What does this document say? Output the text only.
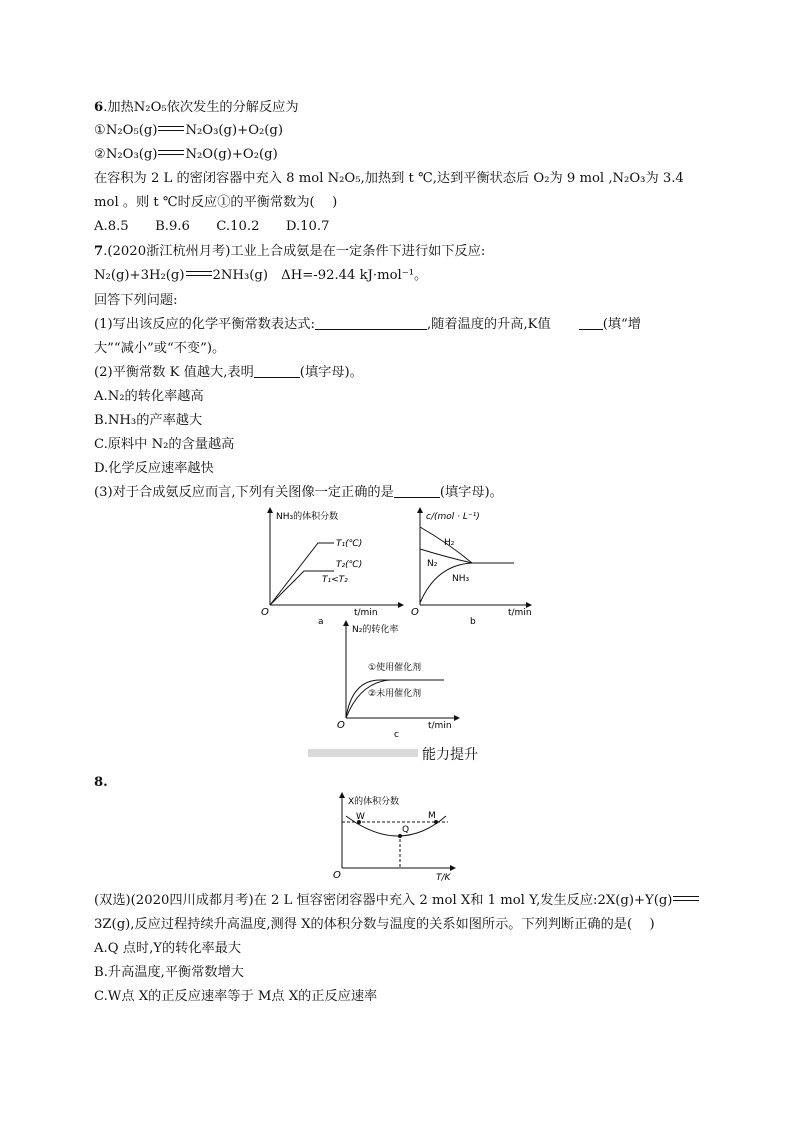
6.加热N₂O₅依次发生的分解反应为
①N₂O₅(g) N₂O₃(g)+O₂(g)
②N₂O₃(g) N₂O(g)+O₂(g)
在容积为 2 L 的密闭容器中充入 8 mol N₂O₅,加热到 t ℃,达到平衡状态后 O₂为 9 mol ,N₂O₃为 3.4
mol 。则 t ℃时反应①的平衡常数为(　 )
A.8.5　　B.9.6　　C.10.2　　D.10.7
7.(2020浙江杭州月考)工业上合成氨是在一定条件下进行如下反应:
N₂(g)+3H₂(g) 2NH₃(g)　ΔH=-92.44 kJ·mol⁻¹。
回答下列问题:
(1)写出该反应的化学平衡常数表达式:	,随着温度的升高,K值	(填“增
大”“减小”或“不变”)。
(2)平衡常数 K 值越大,表明	(填字母)。
A.N₂的转化率越高
B.NH₃的产率越大
C.原料中 N₂的含量越高
D.化学反应速率越快
(3)对于合成氨反应而言,下列有关图像一定正确的是	(填字母)。
NH₃的体积分数
T₁(℃)
T₂(℃)
T₁<T₂
O	t/min
a
c/(mol · L⁻¹)
H₂
N₂
NH₃
O	t/min
b
N₂的转化率
①使用催化剂
②未用催化剂
O	t/min
c
能力提升
8.
X的体积分数
W
Q
M
O	T/K
(双选)(2020四川成都月考)在 2 L 恒容密闭容器中充入 2 mol X和 1 mol Y,发生反应:2X(g)+Y(g)
3Z(g),反应过程持续升高温度,测得 X的体积分数与温度的关系如图所示。下列判断正确的是(　 )
A.Q 点时,Y的转化率最大
B.升高温度,平衡常数增大
C.W点 X的正反应速率等于 M点 X的正反应速率
